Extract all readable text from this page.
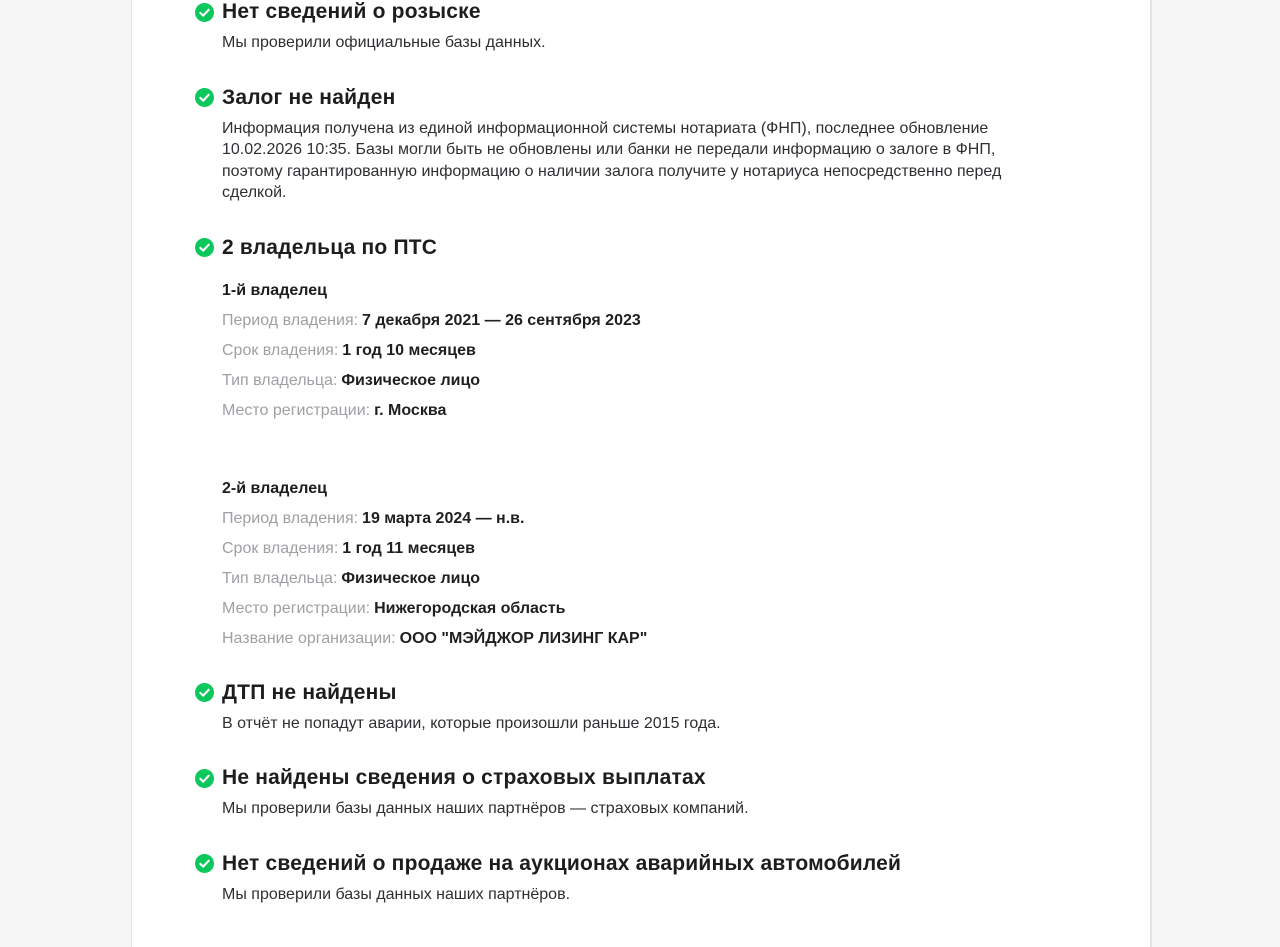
Нет сведений о розыске
Мы проверили официальные базы данных.
Залог не найден
Информация получена из единой информационной системы нотариата (ФНП), последнее обновление 10.02.2026 10:35. Базы могли быть не обновлены или банки не передали информацию о залоге в ФНП, поэтому гарантированную информацию о наличии залога получите у нотариуса непосредственно перед сделкой.
2 владельца по ПТС
1-й владелец
Период владения: 7 декабря 2021 — 26 сентября 2023
Срок владения: 1 год 10 месяцев
Тип владельца: Физическое лицо
Место регистрации: г. Москва
2-й владелец
Период владения: 19 марта 2024 — н.в.
Срок владения: 1 год 11 месяцев
Тип владельца: Физическое лицо
Место регистрации: Нижегородская область
Название организации: ООО "МЭЙДЖОР ЛИЗИНГ КАР"
ДТП не найдены
В отчёт не попадут аварии, которые произошли раньше 2015 года.
Не найдены сведения о страховых выплатах
Мы проверили базы данных наших партнёров — страховых компаний.
Нет сведений о продаже на аукционах аварийных автомобилей
Мы проверили базы данных наших партнёров.
